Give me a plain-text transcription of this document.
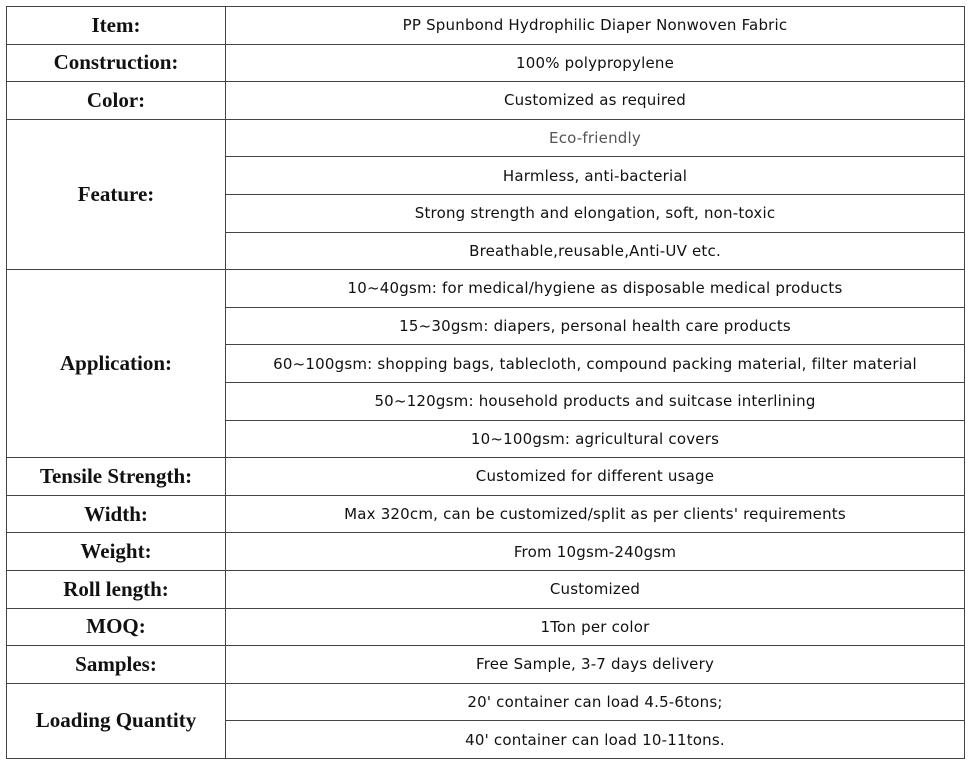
Item:	PP Spunbond Hydrophilic Diaper Nonwoven Fabric
Construction:	100% polypropylene
Color:	Customized as required
Feature:	Eco-friendly
	Harmless, anti-bacterial
	Strong strength and elongation, soft, non-toxic
	Breathable,reusable,Anti-UV etc.
Application:	10~40gsm: for medical/hygiene as disposable medical products
	15~30gsm: diapers, personal health care products
	60~100gsm: shopping bags, tablecloth, compound packing material, filter material
	50~120gsm: household products and suitcase interlining
	10~100gsm: agricultural covers
Tensile Strength:	Customized for different usage
Width:	Max 320cm, can be customized/split as per clients' requirements
Weight:	From 10gsm-240gsm
Roll length:	Customized
MOQ:	1Ton per color
Samples:	Free Sample, 3-7 days delivery
Loading Quantity	20' container can load 4.5-6tons;
	40' container can load 10-11tons.
